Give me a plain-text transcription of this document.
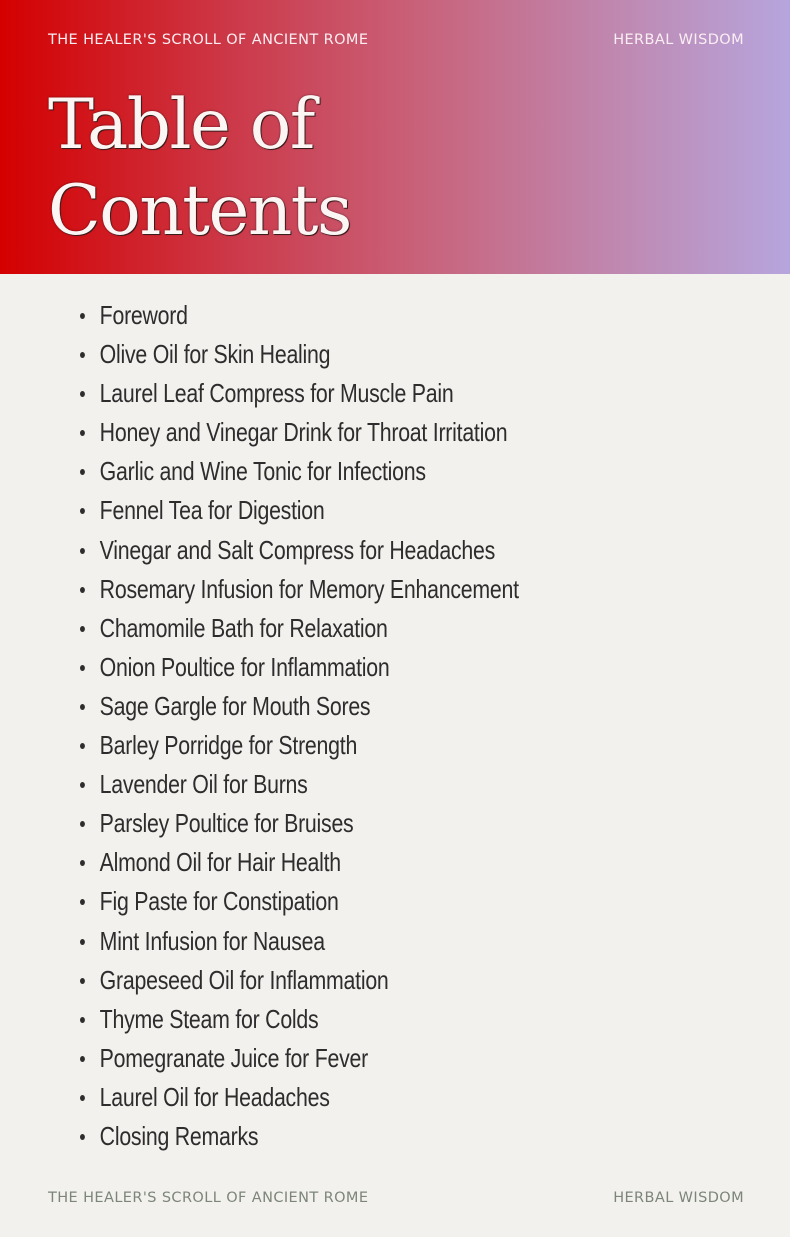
THE HEALER'S SCROLL OF ANCIENT ROME	HERBAL WISDOM
Table of
Contents
Foreword
Olive Oil for Skin Healing
Laurel Leaf Compress for Muscle Pain
Honey and Vinegar Drink for Throat Irritation
Garlic and Wine Tonic for Infections
Fennel Tea for Digestion
Vinegar and Salt Compress for Headaches
Rosemary Infusion for Memory Enhancement
Chamomile Bath for Relaxation
Onion Poultice for Inflammation
Sage Gargle for Mouth Sores
Barley Porridge for Strength
Lavender Oil for Burns
Parsley Poultice for Bruises
Almond Oil for Hair Health
Fig Paste for Constipation
Mint Infusion for Nausea
Grapeseed Oil for Inflammation
Thyme Steam for Colds
Pomegranate Juice for Fever
Laurel Oil for Headaches
Closing Remarks
THE HEALER'S SCROLL OF ANCIENT ROME	HERBAL WISDOM
